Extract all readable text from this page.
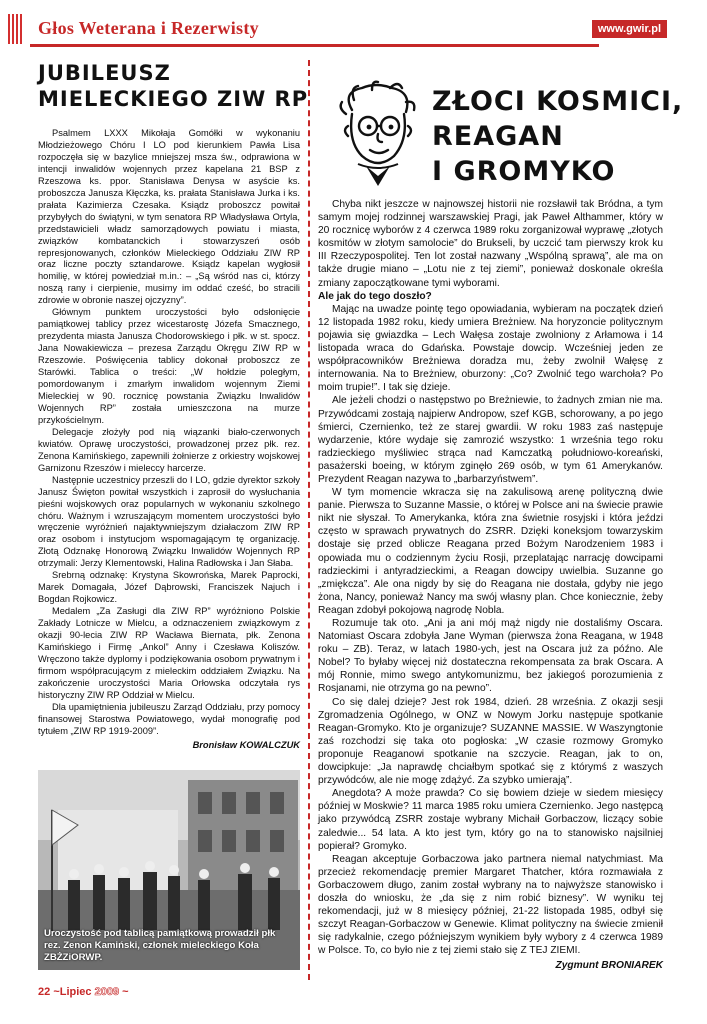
Głos Weterana i Rezerwisty	www.gwir.pl
JUBILEUSZ
MIELECKIEGO ZIW RP

Psalmem LXXX Mikołaja Gomółki w wykonaniu Młodzieżowego Chóru I LO pod kierunkiem Pawła Lisa rozpoczęła się w bazylice mniejszej msza św., odprawiona w intencji inwalidów wojennych przez kapelana 21 BSP z Rzeszowa ks. ppor. Stanisława Denysa w asyście ks. proboszcza Janusza Kłęczka, ks. prałata Stanisława Jurka i ks. prałata Kazimierza Czesaka. Ksiądz proboszcz powitał przybyłych do świątyni, w tym senatora RP Władysława Ortyla, przedstawicieli władz samorządowych powiatu i miasta, związków kombatanckich i stowarzyszeń osób represjonowanych, członków Mieleckiego Oddziału ZIW RP oraz liczne poczty sztandarowe. Ksiądz kapelan wygłosił homilię, w której powiedział m.in.: – „Są wśród nas ci, którzy noszą rany i cierpienie, musimy im oddać cześć, bo stracili zdrowie w obronie naszej ojczyzny”.

Głównym punktem uroczystości było odsłonięcie pamiątkowej tablicy przez wicestarostę Józefa Smacznego, prezydenta miasta Janusza Chodorowskiego i płk. w st. spocz. Jana Nowakiewicza – prezesa Zarządu Okręgu ZIW RP w Rzeszowie. Poświęcenia tablicy dokonał proboszcz ze Starówki. Tablica o treści: „W hołdzie poległym, pomordowanym i zmarłym inwalidom wojennym Ziemi Mieleckiej w 90. rocznicę powstania Związku Inwalidów Wojennych RP” została umieszczona na murze przykościelnym.

Delegacje złożyły pod nią wiązanki biało-czerwonych kwiatów. Oprawę uroczystości, prowadzonej przez płk. rez. Zenona Kamińskiego, zapewnili żołnierze z orkiestry wojskowej Garnizonu Rzeszów i mieleccy harcerze.

Następnie uczestnicy przeszli do I LO, gdzie dyrektor szkoły Janusz Święton powitał wszystkich i zaprosił do wysłuchania pieśni wojskowych oraz popularnych w wykonaniu szkolnego chóru. Ważnym i wzruszającym momentem uroczystości było wręczenie wyróżnień najaktywniejszym działaczom ZIW RP oraz osobom i instytucjom wspomagającym tę organizację. Złotą Odznakę Honorową Związku Inwalidów Wojennych RP otrzymali: Jerzy Klementowski, Halina Radłowska i Jan Słaba.

Srebrną odznakę: Krystyna Skowrońska, Marek Paprocki, Marek Domagała, Józef Dąbrowski, Franciszek Najuch i Bogdan Rojkowicz.

Medalem „Za Zasługi dla ZIW RP” wyróżniono Polskie Zakłady Lotnicze w Mielcu, a odznaczeniem związkowym z okazji 90-lecia ZIW RP Wacława Biernata, płk. Zenona Kamińskiego i Firmę „Ankol” Anny i Czesława Koliszów. Wręczono także dyplomy i podziękowania osobom prywatnym i firmom współpracującym z mieleckim oddziałem Związku. Na zakończenie uroczystości Maria Orłowska odczytała rys historyczny ZIW RP Oddział w Mielcu.

Dla upamiętnienia jubileuszu Zarząd Oddziału, przy pomocy finansowej Starostwa Powiatowego, wydał monografię pod tytułem „ZIW RP 1919-2009”.

Bronisław KOWALCZUK
Uroczystość pod tablicą pamiątkową prowadził płk rez. Zenon Kamiński, członek mieleckiego Koła ZBŻZiORWP.
ZŁOCI KOSMICI,
REAGAN
I GROMYKO

Chyba nikt jeszcze w najnowszej historii nie rozsławił tak Bródna, a tym samym mojej rodzinnej warszawskiej Pragi, jak Paweł Althammer, który w 20 rocznicę wyborów z 4 czerwca 1989 roku zorganizował wyprawę „złotych kosmitów w złotym samolocie” do Brukseli, by uczcić tam pierwszy krok ku III Rzeczypospolitej. Ten lot został nazwany „Wspólną sprawą”, ale ma on także drugie miano – „Lotu nie z tej ziemi”, ponieważ doskonale określa zmiany zapoczątkowane tymi wyborami.

Ale jak do tego doszło?

Mając na uwadze pointę tego opowiadania, wybieram na początek dzień 12 listopada 1982 roku, kiedy umiera Breżniew. Na horyzoncie politycznym pojawia się gwiazdka – Lech Wałęsa zostaje zwolniony z Arłamowa i 14 listopada wraca do Gdańska. Powstaje dowcip. Wcześniej jeden ze współpracowników Breżniewa doradza mu, żeby zwolnił Wałęsę z internowania. Na to Breżniew, oburzony: „Co? Zwolnić tego warchoła? Po moim trupie!”. I tak się dzieje.

Ale jeżeli chodzi o następstwo po Breżniewie, to żadnych zmian nie ma. Przywódcami zostają najpierw Andropow, szef KGB, schorowany, a po jego śmierci, Czernienko, też ze starej gwardii. W roku 1983 zaś następuje wydarzenie, które wydaje się zamrozić wszystko: 1 września tego roku radzieckiego myśliwiec strąca nad Kamczatką południowo-koreański, pasażerski boeing, w którym zginęło 269 osób, w tym 61 Amerykanów. Prezydent Reagan nazywa to „barbarzyństwem”.

W tym momencie wkracza się na zakulisową arenę polityczną dwie panie. Pierwsza to Suzanne Massie, o której w Polsce ani na świecie prawie nikt nie słyszał. To Amerykanka, która zna świetnie rosyjski i która jeździ często w sprawach prywatnych do ZSRR. Dzięki koneksjom towarzyskim dostaje się przed oblicze Reagana przed Bożym Narodzeniem 1983 i opowiada mu o codziennym życiu Rosji, przeplatając narrację dowcipami radzieckimi i antyradzieckimi, a Reagan dowcipy uwielbia. Suzanne go „zmiękcza”. Ale ona nigdy by się do Reagana nie dostała, gdyby nie jego żona, Nancy, ponieważ Nancy ma swój własny plan. Chce koniecznie, żeby Reagan zdobył pokojową nagrodę Nobla.

Rozumuje tak oto. „Ani ja ani mój mąż nigdy nie dostaliśmy Oscara. Natomiast Oscara zdobyła Jane Wyman (pierwsza żona Reagana, w 1948 roku – ZB). Teraz, w latach 1980-ych, jest na Oscara już za późno. Ale Nobel? To byłaby więcej niż dostateczna rekompensata za brak Oscara. A mój Ronnie, mimo swego antykomunizmu, bez jakiegoś porozumienia z Rosjanami, nie otrzyma go na pewno”.

Co się dalej dzieje? Jest rok 1984, dzień. 28 września. Z okazji sesji Zgromadzenia Ogólnego, w ONZ w Nowym Jorku następuje spotkanie Reagan-Gromyko. Kto je organizuje? SUZANNE MASSIE. W Waszyngtonie zaś rozchodzi się taka oto pogłoska: „W czasie rozmowy Gromyko proponuje Reaganowi spotkanie na szczycie. Reagan, jak to on, dowcipkuje: „Ja naprawdę chciałbym spotkać się z którymś z waszych przywódców, ale nie mogę zdążyć. Za szybko umierają”.

Anegdota? A może prawda? Co się bowiem dzieje w siedem miesięcy później w Moskwie? 11 marca 1985 roku umiera Czernienko. Jego następcą jako przywódcą ZSRR zostaje wybrany Michaił Gorbaczow, liczący sobie zaledwie... 54 lata. A kto jest tym, który go na to stanowisko najsilniej popierał? Gromyko.

Reagan akceptuje Gorbaczowa jako partnera niemal natychmiast. Ma przecież rekomendację premier Margaret Thatcher, która rozmawiała z Gorbaczowem długo, zanim został wybrany na to najwyższe stanowisko i doszła do wniosku, że „da się z nim robić biznesy”. W wyniku tej rekomendacji, już w 8 miesięcy później, 21-22 listopada 1985, odbył się szczyt Reagan-Gorbaczow w Genewie. Klimat polityczny na świecie zmienił się radykalnie, czego późniejszym wynikiem były wybory z 4 czerwca 1989 w Polsce. To, co było nie z tej ziemi stało się Z TEJ ZIEMI.

Zygmunt BRONIAREK
22 ~Lipiec 2009 ~
